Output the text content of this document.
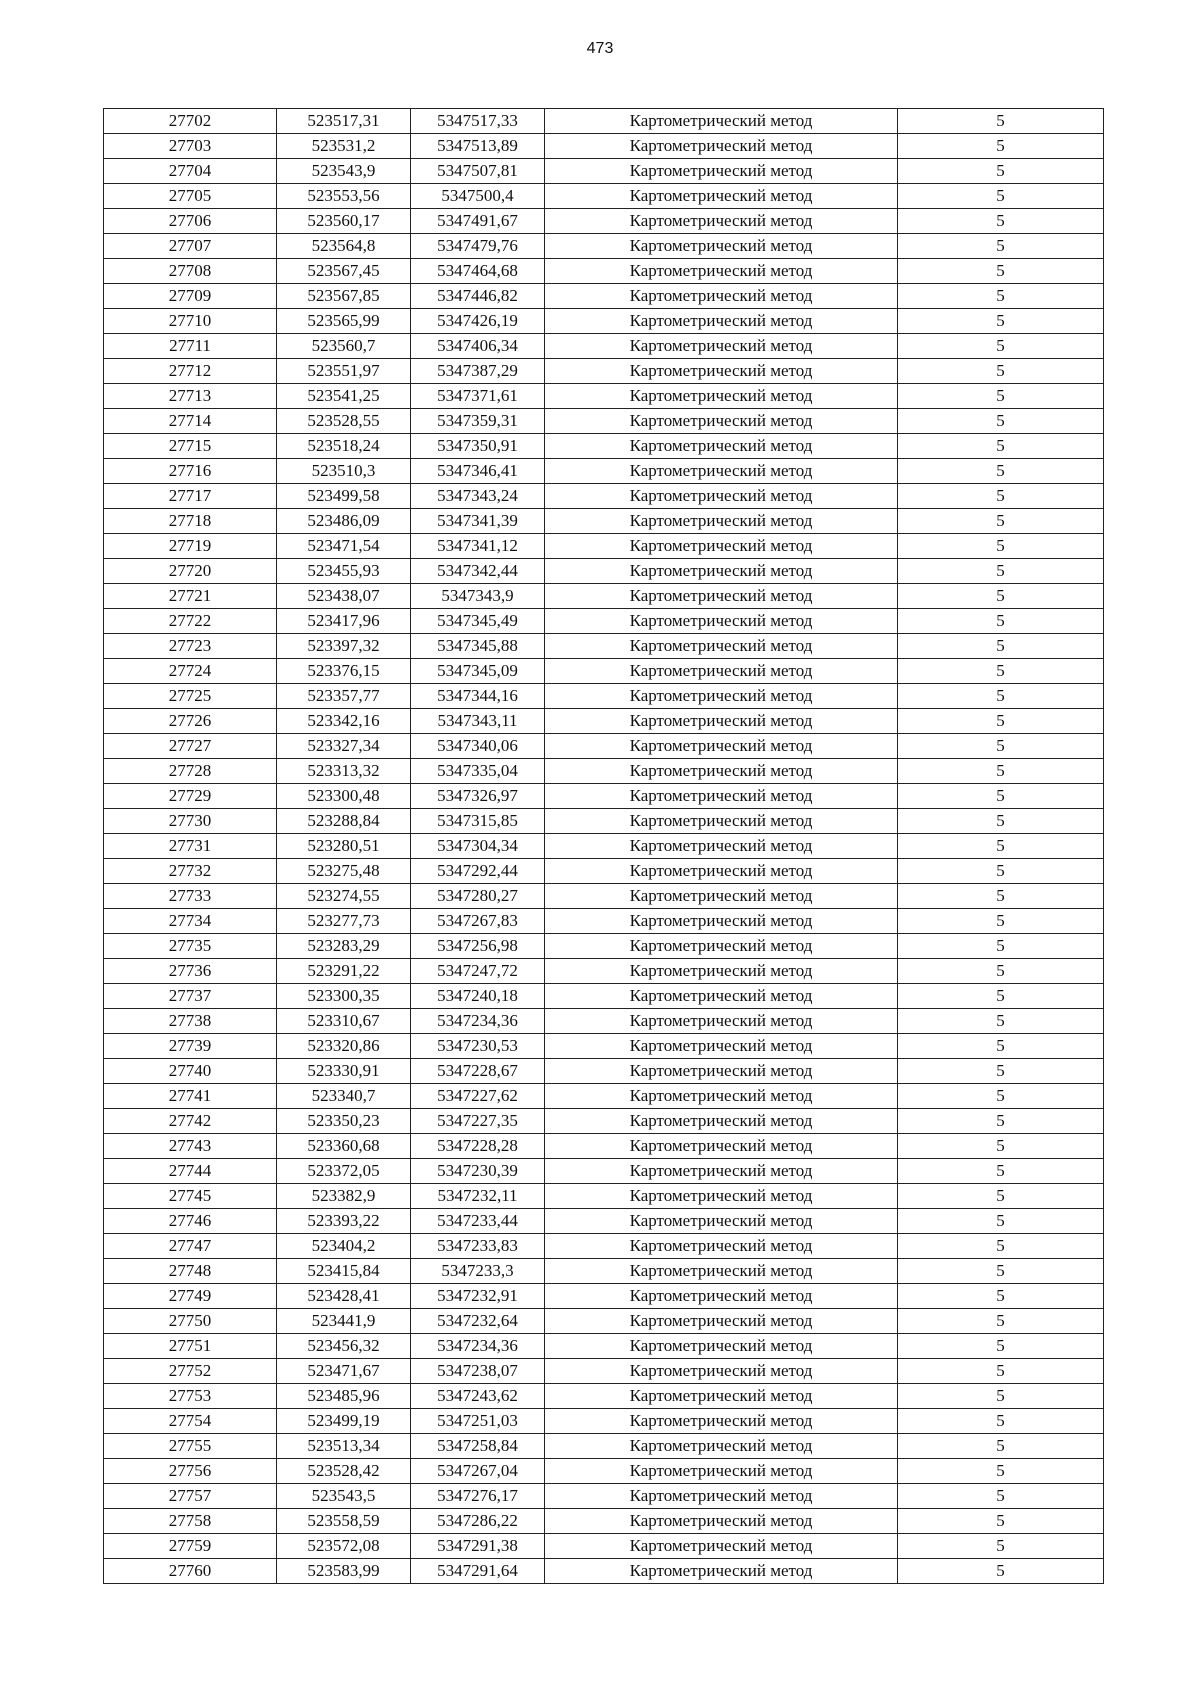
473
27702	523517,31	5347517,33	Картометрический метод	5
27703	523531,2	5347513,89	Картометрический метод	5
27704	523543,9	5347507,81	Картометрический метод	5
27705	523553,56	5347500,4	Картометрический метод	5
27706	523560,17	5347491,67	Картометрический метод	5
27707	523564,8	5347479,76	Картометрический метод	5
27708	523567,45	5347464,68	Картометрический метод	5
27709	523567,85	5347446,82	Картометрический метод	5
27710	523565,99	5347426,19	Картометрический метод	5
27711	523560,7	5347406,34	Картометрический метод	5
27712	523551,97	5347387,29	Картометрический метод	5
27713	523541,25	5347371,61	Картометрический метод	5
27714	523528,55	5347359,31	Картометрический метод	5
27715	523518,24	5347350,91	Картометрический метод	5
27716	523510,3	5347346,41	Картометрический метод	5
27717	523499,58	5347343,24	Картометрический метод	5
27718	523486,09	5347341,39	Картометрический метод	5
27719	523471,54	5347341,12	Картометрический метод	5
27720	523455,93	5347342,44	Картометрический метод	5
27721	523438,07	5347343,9	Картометрический метод	5
27722	523417,96	5347345,49	Картометрический метод	5
27723	523397,32	5347345,88	Картометрический метод	5
27724	523376,15	5347345,09	Картометрический метод	5
27725	523357,77	5347344,16	Картометрический метод	5
27726	523342,16	5347343,11	Картометрический метод	5
27727	523327,34	5347340,06	Картометрический метод	5
27728	523313,32	5347335,04	Картометрический метод	5
27729	523300,48	5347326,97	Картометрический метод	5
27730	523288,84	5347315,85	Картометрический метод	5
27731	523280,51	5347304,34	Картометрический метод	5
27732	523275,48	5347292,44	Картометрический метод	5
27733	523274,55	5347280,27	Картометрический метод	5
27734	523277,73	5347267,83	Картометрический метод	5
27735	523283,29	5347256,98	Картометрический метод	5
27736	523291,22	5347247,72	Картометрический метод	5
27737	523300,35	5347240,18	Картометрический метод	5
27738	523310,67	5347234,36	Картометрический метод	5
27739	523320,86	5347230,53	Картометрический метод	5
27740	523330,91	5347228,67	Картометрический метод	5
27741	523340,7	5347227,62	Картометрический метод	5
27742	523350,23	5347227,35	Картометрический метод	5
27743	523360,68	5347228,28	Картометрический метод	5
27744	523372,05	5347230,39	Картометрический метод	5
27745	523382,9	5347232,11	Картометрический метод	5
27746	523393,22	5347233,44	Картометрический метод	5
27747	523404,2	5347233,83	Картометрический метод	5
27748	523415,84	5347233,3	Картометрический метод	5
27749	523428,41	5347232,91	Картометрический метод	5
27750	523441,9	5347232,64	Картометрический метод	5
27751	523456,32	5347234,36	Картометрический метод	5
27752	523471,67	5347238,07	Картометрический метод	5
27753	523485,96	5347243,62	Картометрический метод	5
27754	523499,19	5347251,03	Картометрический метод	5
27755	523513,34	5347258,84	Картометрический метод	5
27756	523528,42	5347267,04	Картометрический метод	5
27757	523543,5	5347276,17	Картометрический метод	5
27758	523558,59	5347286,22	Картометрический метод	5
27759	523572,08	5347291,38	Картометрический метод	5
27760	523583,99	5347291,64	Картометрический метод	5
